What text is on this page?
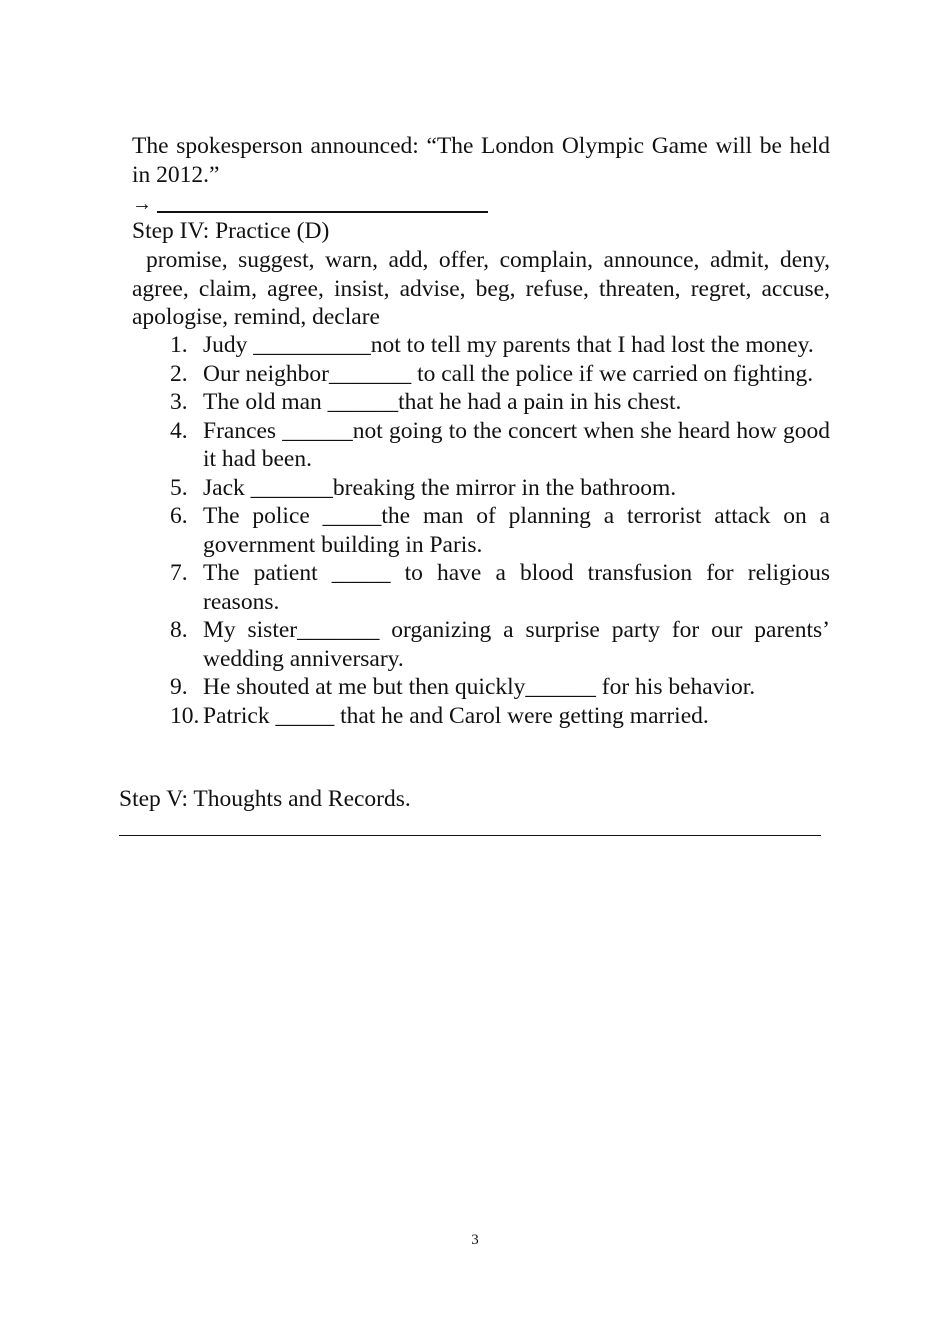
The spokesperson announced: “The London Olympic Game will be held in 2012.”
→
Step IV: Practice (D)
promise, suggest, warn, add, offer, complain, announce, admit, deny, agree, claim, agree, insist, advise, beg, refuse, threaten, regret, accuse, apologise, remind, declare
1. Judy __________not to tell my parents that I had lost the money.
2. Our neighbor_______ to call the police if we carried on fighting.
3. The old man ______that he had a pain in his chest.
4. Frances ______not going to the concert when she heard how good it had been.
5. Jack _______breaking the mirror in the bathroom.
6. The police _____the man of planning a terrorist attack on a government building in Paris.
7. The patient _____ to have a blood transfusion for religious reasons.
8. My sister_______ organizing a surprise party for our parents’ wedding anniversary.
9. He shouted at me but then quickly______ for his behavior.
10. Patrick _____ that he and Carol were getting married.
Step V: Thoughts and Records.
3
